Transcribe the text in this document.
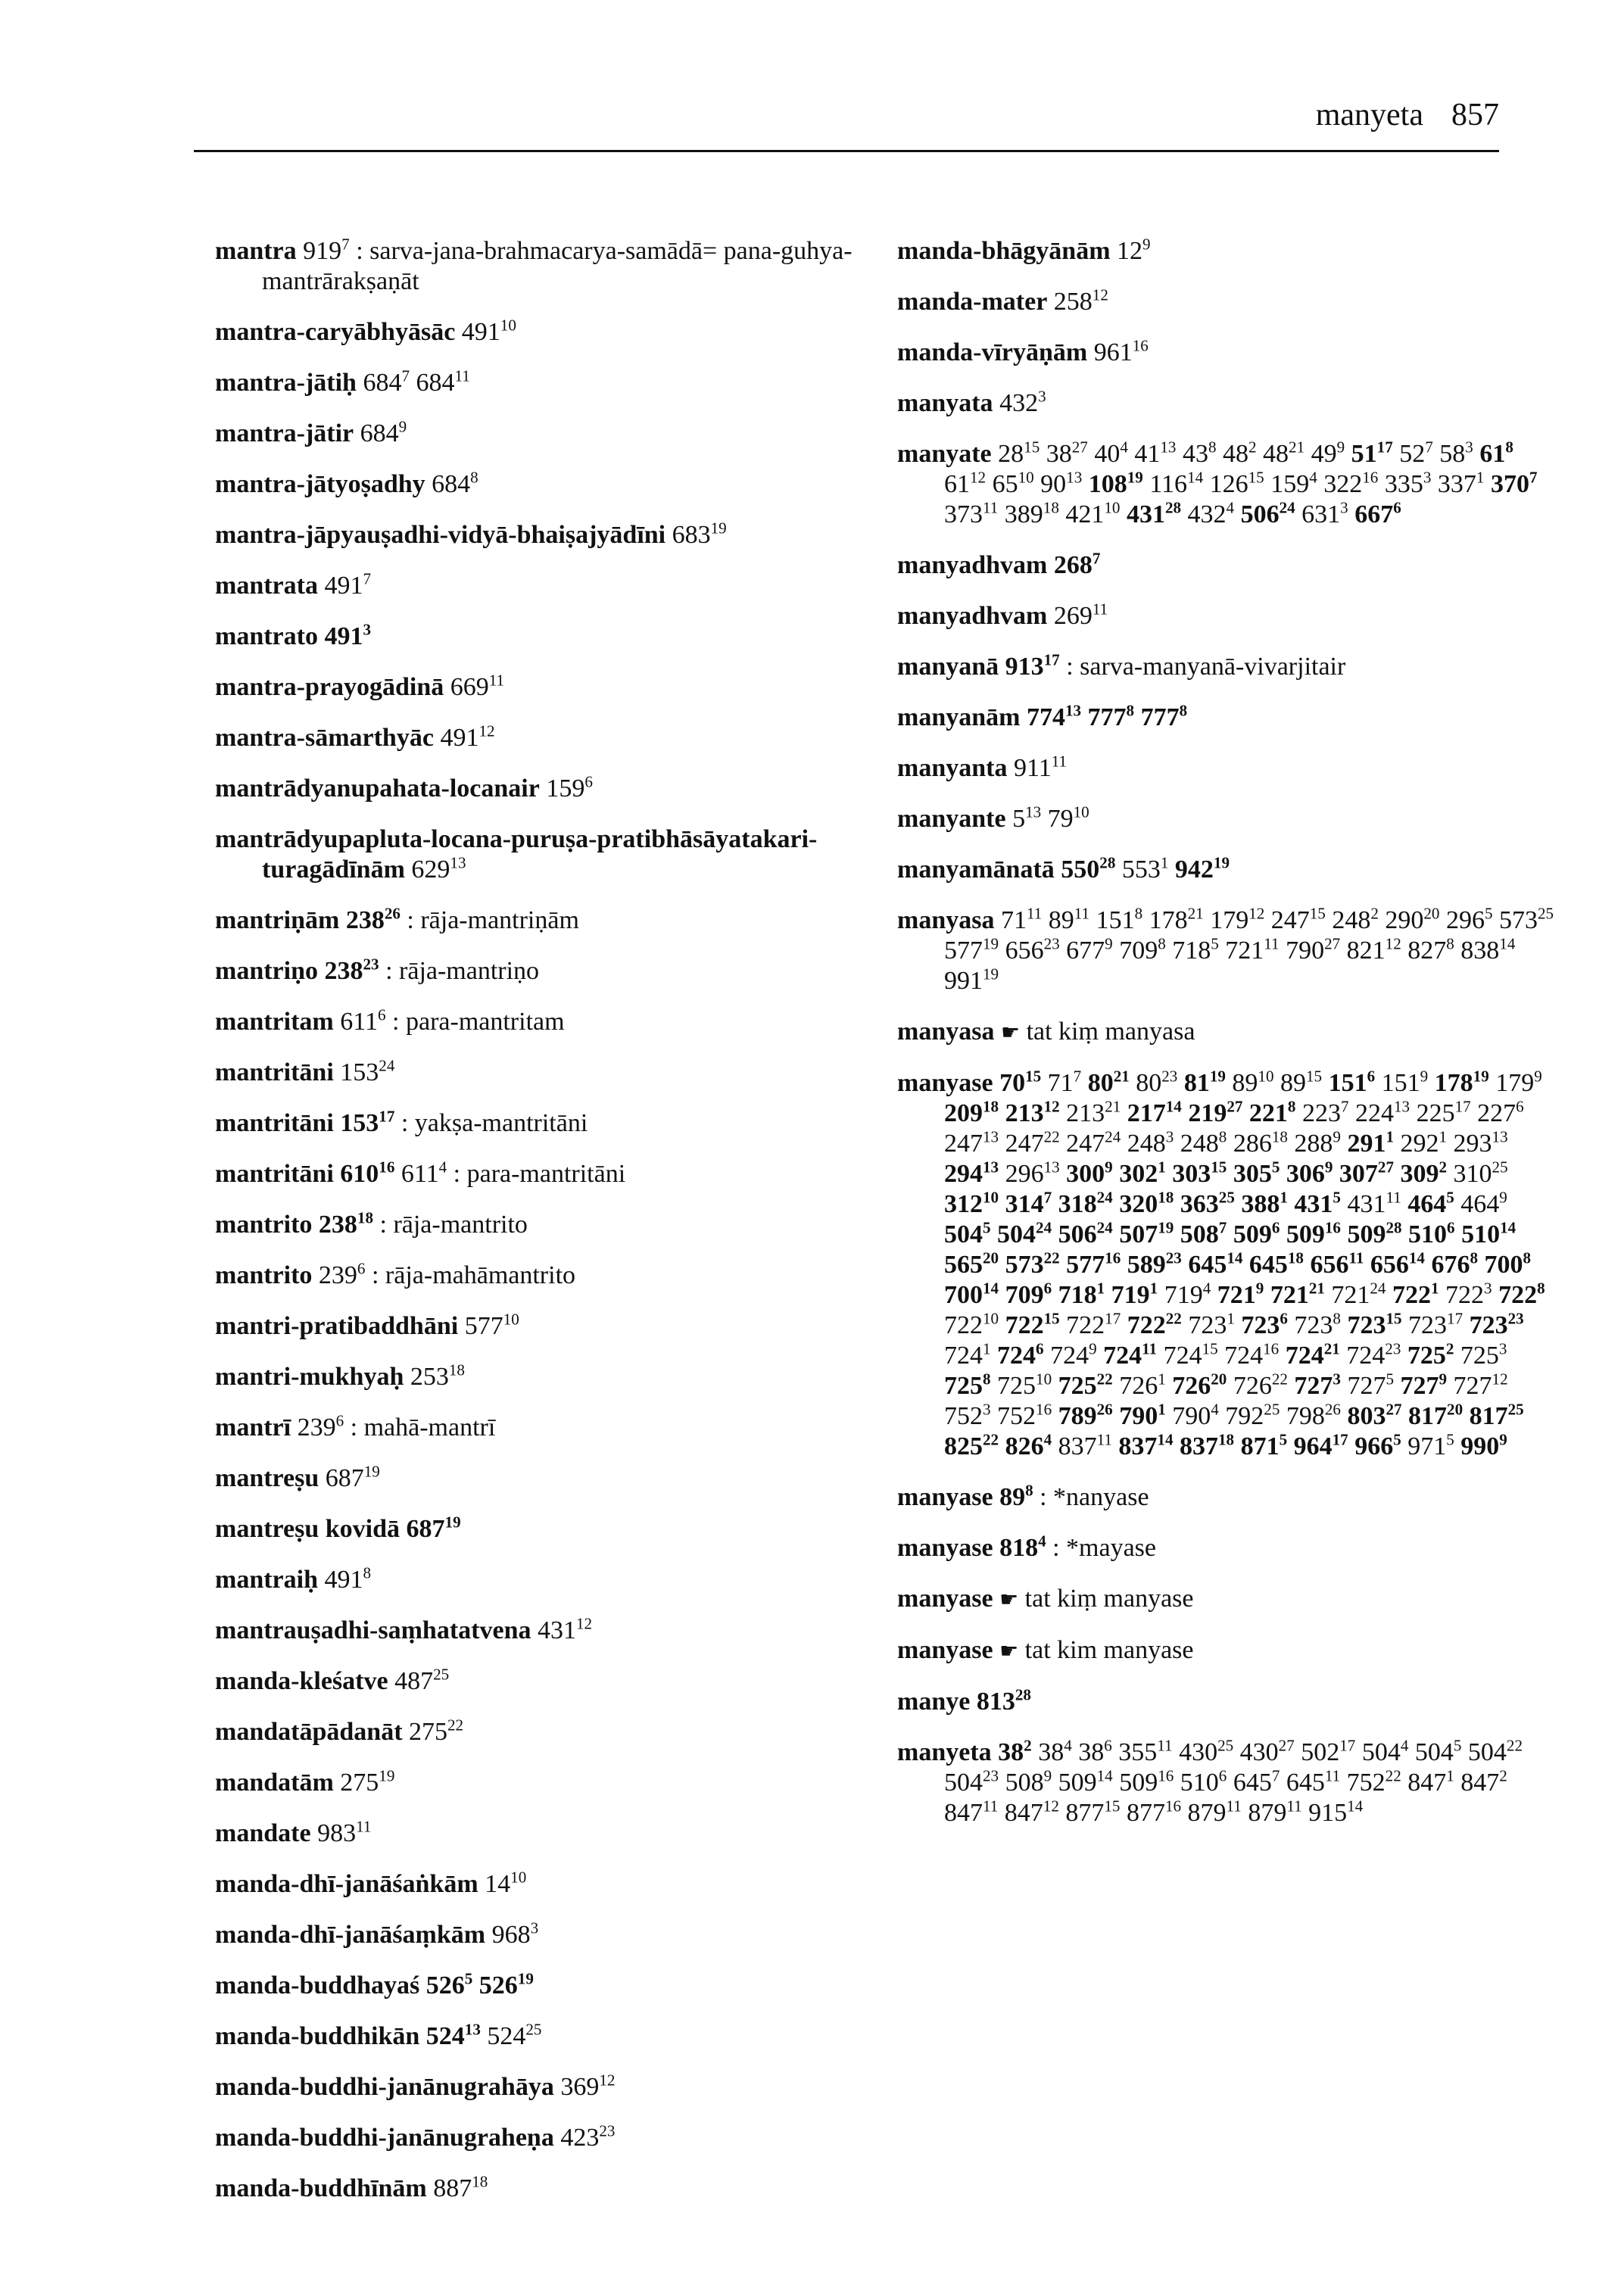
manyeta 857
mantra $919^7$ : sarva-jana-brahmacarya-samādā= pana-guhya-mantrārakṣaṇāt
mantra-caryābhyāsāc $491^{10}$
mantra-jātiḥ $684^7$ $684^{11}$
mantra-jātir $684^9$
mantra-jātyoṣadhy $684^8$
mantra-jāpyauṣadhi-vidyā-bhaiṣajyādīni $683^{19}$
mantrata $491^7$
mantrato $491^3$
mantra-prayogādinā $669^{11}$
mantra-sāmarthyāc $491^{12}$
mantrādyanupahata-locanair $159^6$
mantrādyupapluta-locana-puruṣa-pratibhāsāyatakari-turagādīnām $629^{13}$
mantriṇām $238^{26}$ : rāja-mantriṇām
mantriṇo $238^{23}$ : rāja-mantriṇo
mantritam $611^6$ : para-mantritam
mantritāni $153^{24}$
mantritāni $153^{17}$ : yakṣa-mantritāni
mantritāni $610^{16}$ $611^4$ : para-mantritāni
mantrito $238^{18}$ : rāja-mantrito
mantrito $239^6$ : rāja-mahāmantrito
mantri-pratibaddhāni $577^{10}$
mantri-mukhyaḥ $253^{18}$
mantrī $239^6$ : mahā-mantrī
mantreṣu $687^{19}$
mantreṣu kovidā $687^{19}$
mantraiḥ $491^8$
mantrauṣadhi-saṃhatatvena $431^{12}$
manda-kleśatve $487^{25}$
mandatāpādanāt $275^{22}$
mandatām $275^{19}$
mandate $983^{11}$
manda-dhī-janāśaṅkām $14^{10}$
manda-dhī-janāśaṃkām $968^3$
manda-buddhayaś $526^5$ $526^{19}$
manda-buddhikān $524^{13}$ $524^{25}$
manda-buddhi-janānugrahāya $369^{12}$
manda-buddhi-janānugraheṇa $423^{23}$
manda-buddhīnām $887^{18}$
manda-bhāgyānām $12^9$
manda-mater $258^{12}$
manda-vīryāṇām $961^{16}$
manyata $432^3$
manyate $28^{15}$ $38^{27}$ $40^4$ $41^{13}$ $43^8$ $48^2$ $48^{21}$ $49^9$ $51^{17}$ $52^7$ $58^3$ $61^8$ $61^{12}$ $65^{10}$ $90^{13}$ $108^{19}$ $116^{14}$ $126^{15}$ $159^4$ $322^{16}$ $335^3$ $337^1$ $370^7$ $373^{11}$ $389^{18}$ $421^{10}$ $431^{28}$ $432^4$ $506^{24}$ $631^3$ $667^6$
manyadhvam $268^7$
manyadhvam $269^{11}$
manyanā $913^{17}$ : sarva-manyanā-vivarjitair
manyanām $774^{13}$ $777^8$ $777^8$
manyanta $911^{11}$
manyante $5^{13}$ $79^{10}$
manyamānatā $550^{28}$ $553^1$ $942^{19}$
manyasa $71^{11}$ $89^{11}$ $151^8$ $178^{21}$ $179^{12}$ $247^{15}$ $248^2$ $290^{20}$ $296^5$ $573^{25}$ $577^{19}$ $656^{23}$ $677^9$ $709^8$ $718^5$ $721^{11}$ $790^{27}$ $821^{12}$ $827^8$ $838^{14}$ $991^{19}$
manyasa ☛ tat kiṃ manyasa
manyase $70^{15}$ $71^7$ $80^{21}$ $80^{23}$ $81^{19}$ $89^{10}$ $89^{15}$ $151^6$ $151^9$ $178^{19}$ $179^9$ $209^{18}$ $213^{12}$ $213^{21}$ $217^{14}$ $219^{27}$ $221^8$ $223^7$ $224^{13}$ $225^{17}$ $227^6$ $247^{13}$ $247^{22}$ $247^{24}$ $248^3$ $248^8$ $286^{18}$ $288^9$ $291^1$ $292^1$ $293^{13}$ $294^{13}$ $296^{13}$ $300^9$ $302^1$ $303^{15}$ $305^5$ $306^9$ $307^{27}$ $309^2$ $310^{25}$ $312^{10}$ $314^7$ $318^{24}$ $320^{18}$ $363^{25}$ $388^1$ $431^5$ $431^{11}$ $464^5$ $464^9$ $504^5$ $504^{24}$ $506^{24}$ $507^{19}$ $508^7$ $509^6$ $509^{16}$ $509^{28}$ $510^6$ $510^{14}$ $565^{20}$ $573^{22}$ $577^{16}$ $589^{23}$ $645^{14}$ $645^{18}$ $656^{11}$ $656^{14}$ $676^8$ $700^8$ $700^{14}$ $709^6$ $718^1$ $719^1$ $719^4$ $721^9$ $721^{21}$ $721^{24}$ $722^1$ $722^3$ $722^8$ $722^{10}$ $722^{15}$ $722^{17}$ $722^{22}$ $723^1$ $723^6$ $723^8$ $723^{15}$ $723^{17}$ $723^{23}$ $724^1$ $724^6$ $724^9$ $724^{11}$ $724^{15}$ $724^{16}$ $724^{21}$ $724^{23}$ $725^2$ $725^3$ $725^8$ $725^{10}$ $725^{22}$ $726^1$ $726^{20}$ $726^{22}$ $727^3$ $727^5$ $727^9$ $727^{12}$ $752^3$ $752^{16}$ $789^{26}$ $790^1$ $790^4$ $792^{25}$ $798^{26}$ $803^{27}$ $817^{20}$ $817^{25}$ $825^{22}$ $826^4$ $837^{11}$ $837^{14}$ $837^{18}$ $871^5$ $964^{17}$ $966^5$ $971^5$ $990^9$
manyase $89^8$ : *nanyase
manyase $818^4$ : *mayase
manyase ☛ tat kiṃ manyase
manyase ☛ tat kim manyase
manye $813^{28}$
manyeta $38^2$ $38^4$ $38^6$ $355^{11}$ $430^{25}$ $430^{27}$ $502^{17}$ $504^4$ $504^5$ $504^{22}$ $504^{23}$ $508^9$ $509^{14}$ $509^{16}$ $510^6$ $645^7$ $645^{11}$ $752^{22}$ $847^1$ $847^2$ $847^{11}$ $847^{12}$ $877^{15}$ $877^{16}$ $879^{11}$ $879^{11}$ $915^{14}$
